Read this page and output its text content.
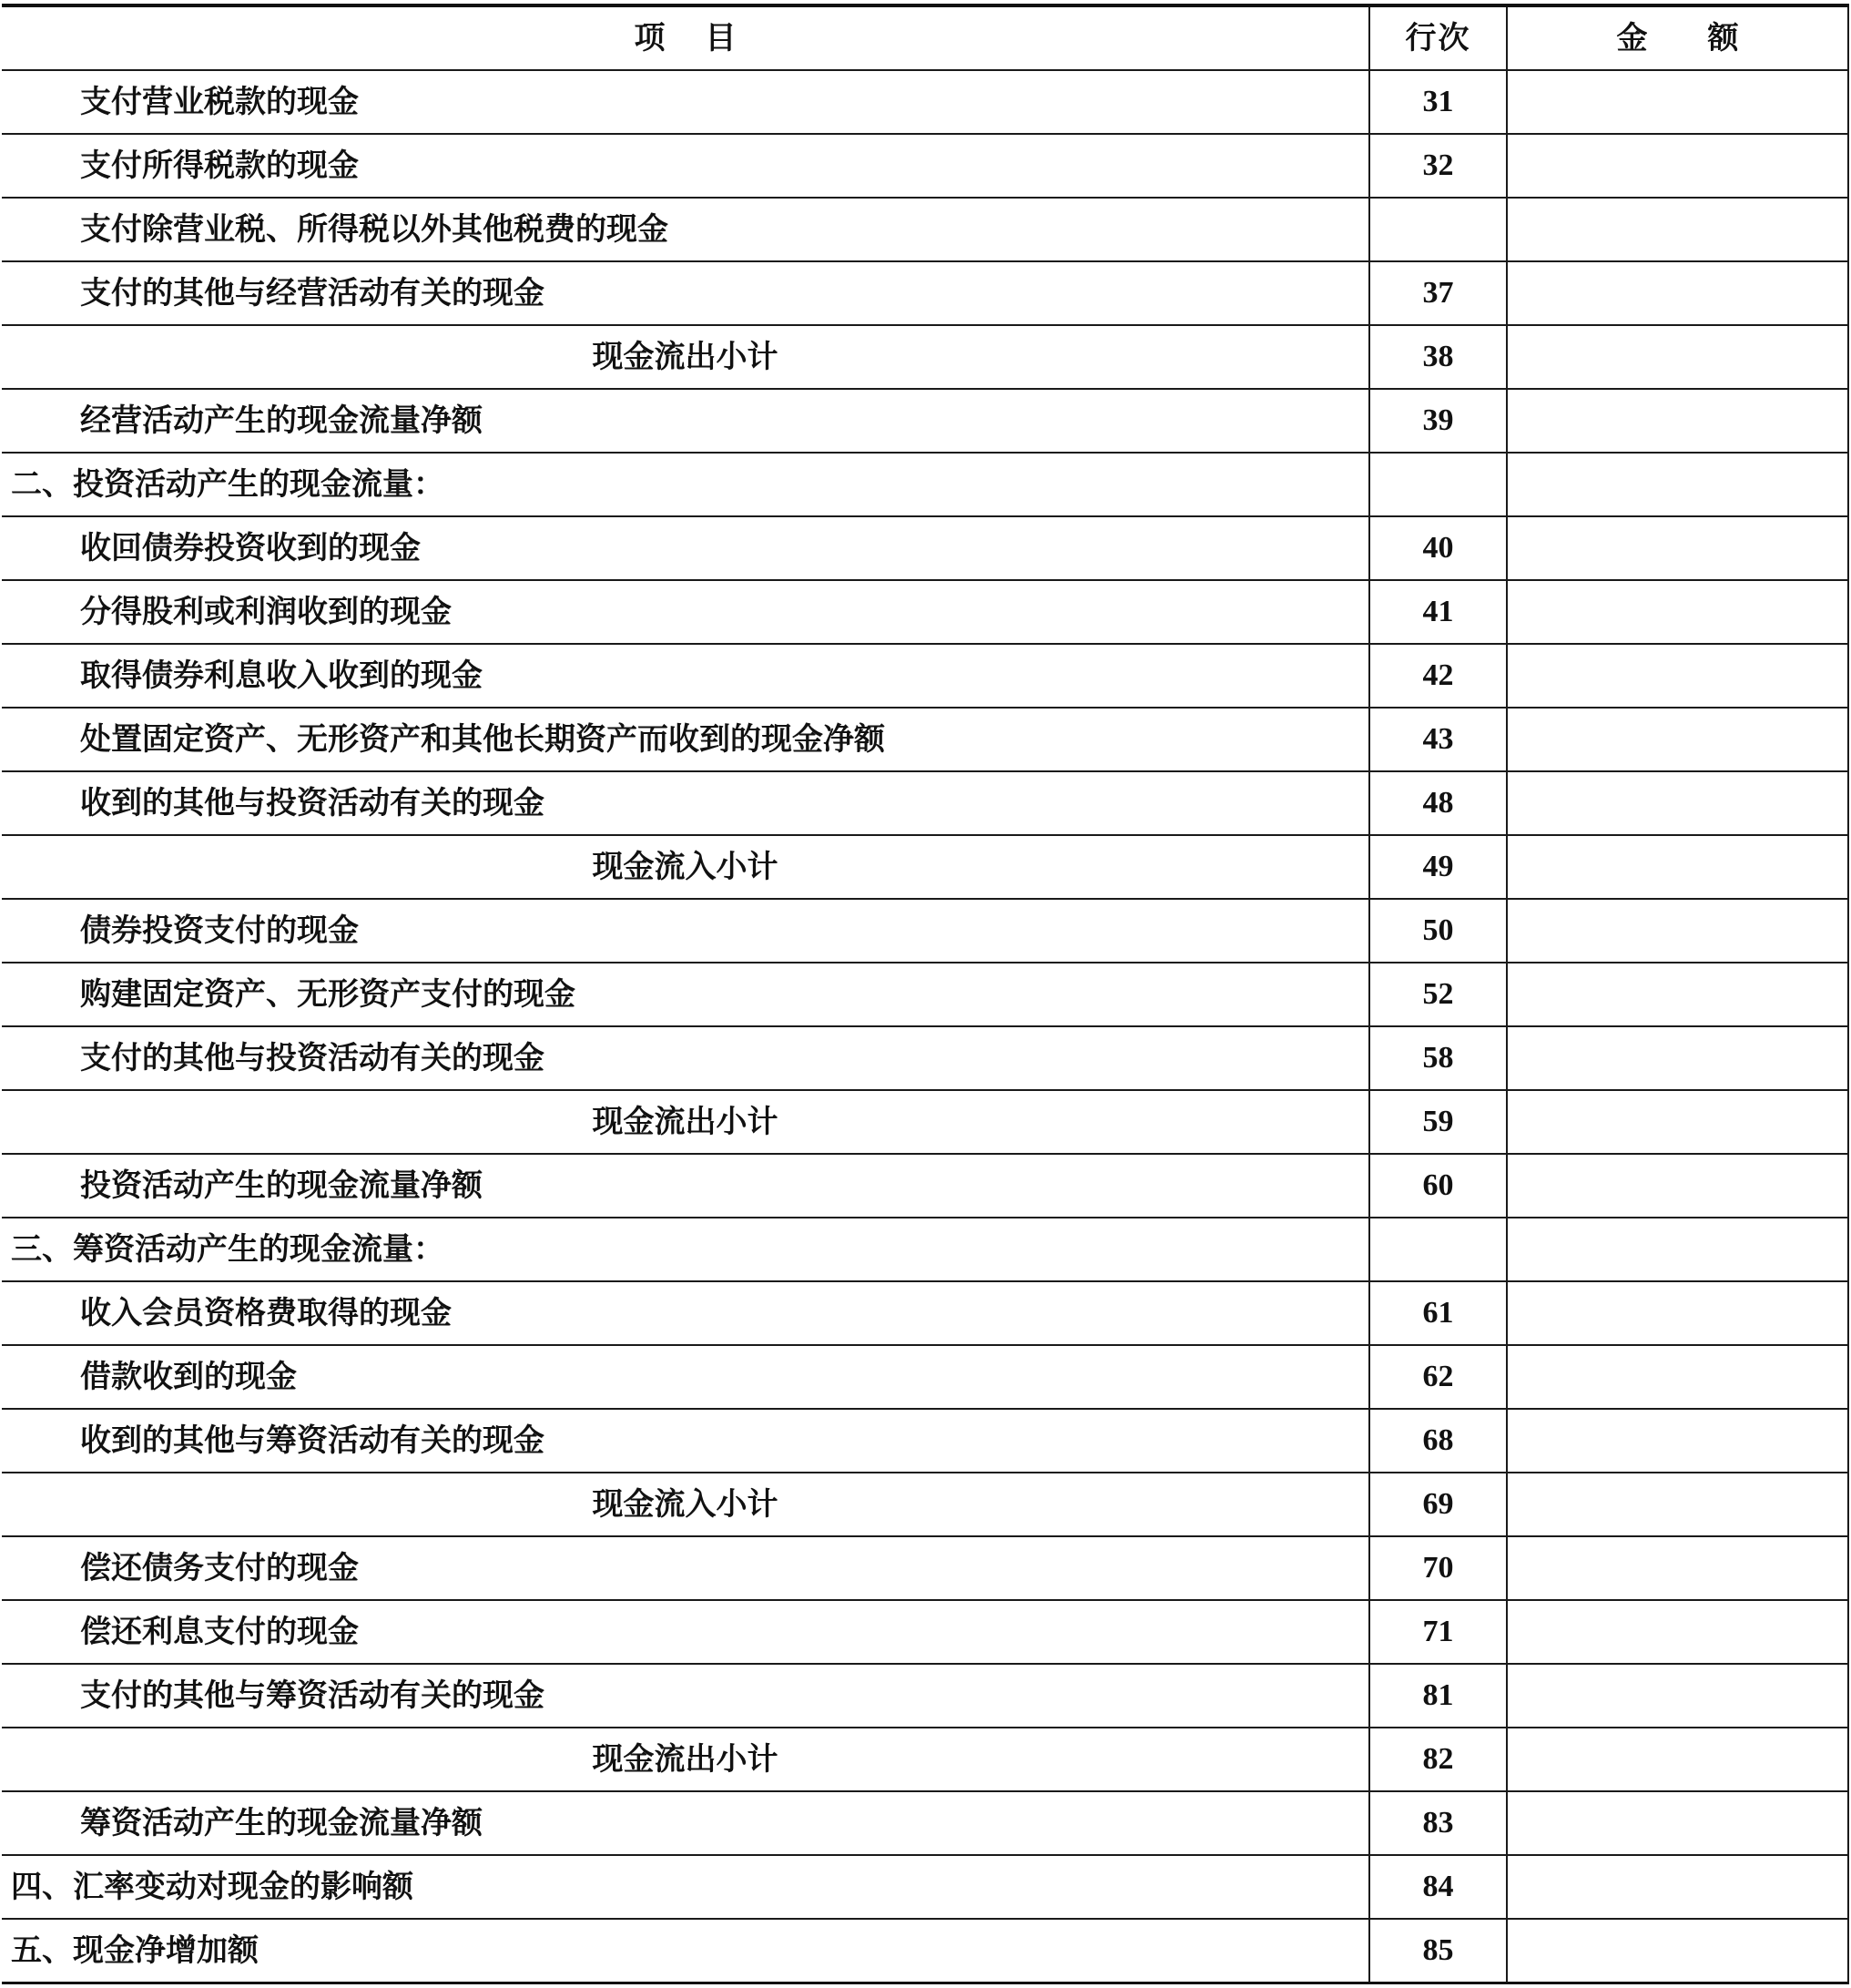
项目	行次	金额
支付营业税款的现金	31	
支付所得税款的现金	32	
支付除营业税、所得税以外其他税费的现金		
支付的其他与经营活动有关的现金	37	
现金流出小计	38	
经营活动产生的现金流量净额	39	
二、投资活动产生的现金流量：		
收回债券投资收到的现金	40	
分得股利或利润收到的现金	41	
取得债券利息收入收到的现金	42	
处置固定资产、无形资产和其他长期资产而收到的现金净额	43	
收到的其他与投资活动有关的现金	48	
现金流入小计	49	
债券投资支付的现金	50	
购建固定资产、无形资产支付的现金	52	
支付的其他与投资活动有关的现金	58	
现金流出小计	59	
投资活动产生的现金流量净额	60	
三、筹资活动产生的现金流量：		
收入会员资格费取得的现金	61	
借款收到的现金	62	
收到的其他与筹资活动有关的现金	68	
现金流入小计	69	
偿还债务支付的现金	70	
偿还利息支付的现金	71	
支付的其他与筹资活动有关的现金	81	
现金流出小计	82	
筹资活动产生的现金流量净额	83	
四、汇率变动对现金的影响额	84	
五、现金净增加额	85	
